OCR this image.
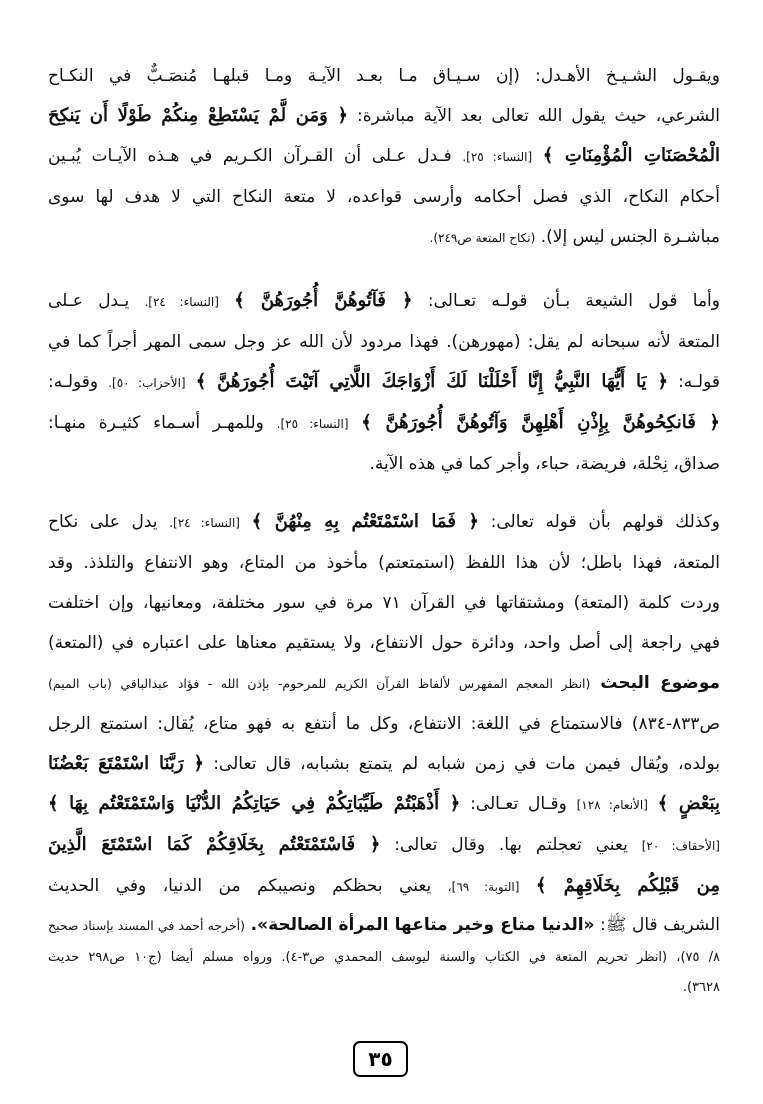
ويقـول الشـيـخ الأهـدل: (إن سـيـاق مـا بعـد الآيـة ومـا قبلهـا مُنصَـبٌّ في النكـاح
الشرعي، حيث يقول الله تعالى بعد الآية مباشرة: ﴿ وَمَن لَّمْ يَسْتَطِعْ مِنكُمْ طَوْلًا أَن يَنكِحَ
الْمُحْصَنَاتِ الْمُؤْمِنَاتِ ﴾ [النساء: ٢٥]. فـدل عـلى أن القـرآن الكـريم في هـذه الآيـات يُبـين
أحكام النكاح، الذي فصل أحكامه وأرسى قواعده، لا متعة النكاح التي لا هدف لها سوى
مباشـرة الجنس ليس إلا). (نكاح المتعة ص٢٤٩).
وأما قول الشيعة بـأن قولـه تعـالى: ﴿ فَآتُوهُنَّ أُجُورَهُنَّ ﴾ [النساء: ٢٤]. يـدل عـلى
المتعة لأنه سبحانه لم يقل: (مهورهن). فهذا مردود لأن الله عز وجل سمى المهر أجراً كما في
قولـه: ﴿ يَا أَيُّهَا النَّبِيُّ إِنَّا أَحْلَلْنَا لَكَ أَزْوَاجَكَ اللَّاتِي آتَيْتَ أُجُورَهُنَّ ﴾ [الأحزاب: ٥٠]. وقولـه:
﴿ فَانكِحُوهُنَّ بِإِذْنِ أَهْلِهِنَّ وَآتُوهُنَّ أُجُورَهُنَّ ﴾ [النساء: ٢٥]. وللمهـر أسـماء كثيـرة منهـا:
صداق، نِحْلة، فريضة، حباء، وأجر كما في هذه الآية.
وكذلك قولهم بأن قوله تعالى: ﴿ فَمَا اسْتَمْتَعْتُم بِهِ مِنْهُنَّ ﴾ [النساء: ٢٤]. يدل على نكاح
المتعة، فهذا باطل؛ لأن هذا اللفظ (استمتعتم) مأخوذ من المتاع، وهو الانتفاع والتلذذ. وقد
وردت كلمة (المتعة) ومشتقاتها في القرآن ٧١ مرة في سور مختلفة، ومعانيها، وإن اختلفت
فهي راجعة إلى أصل واحد، ودائرة حول الانتفاع، ولا يستقيم معناها على اعتباره في (المتعة)
موضوع البحث (انظر المعجم المفهرس لألفاظ القرآن الكريم للمرحوم- بإذن الله - فؤاد عبدالباقي (باب الميم)
ص٨٣٣-٨٣٤) فالاستمتاع في اللغة: الانتفاع، وكل ما أنتفع به فهو متاع، يُقال: استمتع الرجل
بولده، ويُقال فيمن مات في زمن شبابه لم يتمتع بشبابه، قال تعالى: ﴿ رَبَّنَا اسْتَمْتَعَ بَعْضُنَا
بِبَعْضٍ ﴾ [الأنعام: ١٢٨] وقـال تعـالى: ﴿ أَذْهَبْتُمْ طَيِّبَاتِكُمْ فِي حَيَاتِكُمُ الدُّنْيَا وَاسْتَمْتَعْتُم بِهَا ﴾
[الأحقاف: ٢٠] يعني تعجلتم بها. وقال تعالى: ﴿ فَاسْتَمْتَعْتُم بِخَلَاقِكُمْ كَمَا اسْتَمْتَعَ الَّذِينَ
مِن قَبْلِكُم بِخَلَاقِهِمْ ﴾ [التوبة: ٦٩]، يعني بحظكم ونصيبكم من الدنيا، وفي الحديث
الشريف قال ﷺ: «الدنيا متاع وخير متاعها المرأة الصالحة». (أخرجه أحمد في المسند بإسناد صحيح
٨/ ٧٥)، (انظر تحريم المتعة في الكتاب والسنة ليوسف المحمدي ص٣-٤). ورواه مسلم أيضا (ج١٠ ص٢٩٨ حديث
٣٦٢٨).
٣٥
